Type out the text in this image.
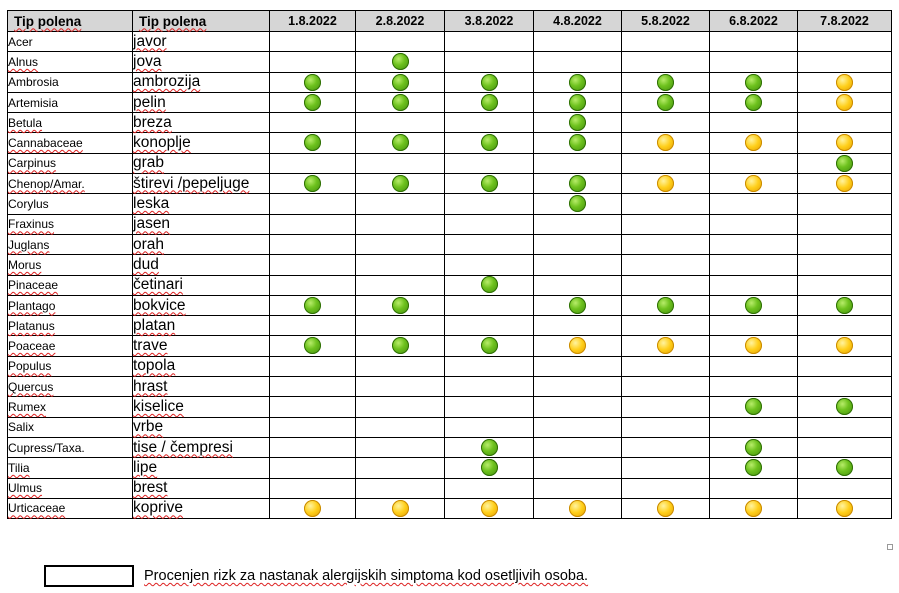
Tip polena	Tip polena	1.8.2022	2.8.2022	3.8.2022	4.8.2022	5.8.2022	6.8.2022	7.8.2022
Acer	javor							
Alnus	jova							
Ambrosia	ambrozija							
Artemisia	pelin							
Betula	breza							
Cannabaceae	konoplje							
Carpinus	grab							
Chenop/Amar.	štirevi /pepeljuge							
Corylus	leska							
Fraxinus	jasen							
Juglans	orah							
Morus	dud							
Pinaceae	četinari							
Plantago	bokvice							
Platanus	platan							
Poaceae	trave							
Populus	topola							
Quercus	hrast							
Rumex	kiselice							
Salix	vrbe							
Cupress/Taxa.	tise / čempresi							
Tilia	lipe							
Ulmus	brest							
Urticaceae	koprive							
Procenjen rizk za nastanak alergijskih simptoma kod osetljivih osoba.
